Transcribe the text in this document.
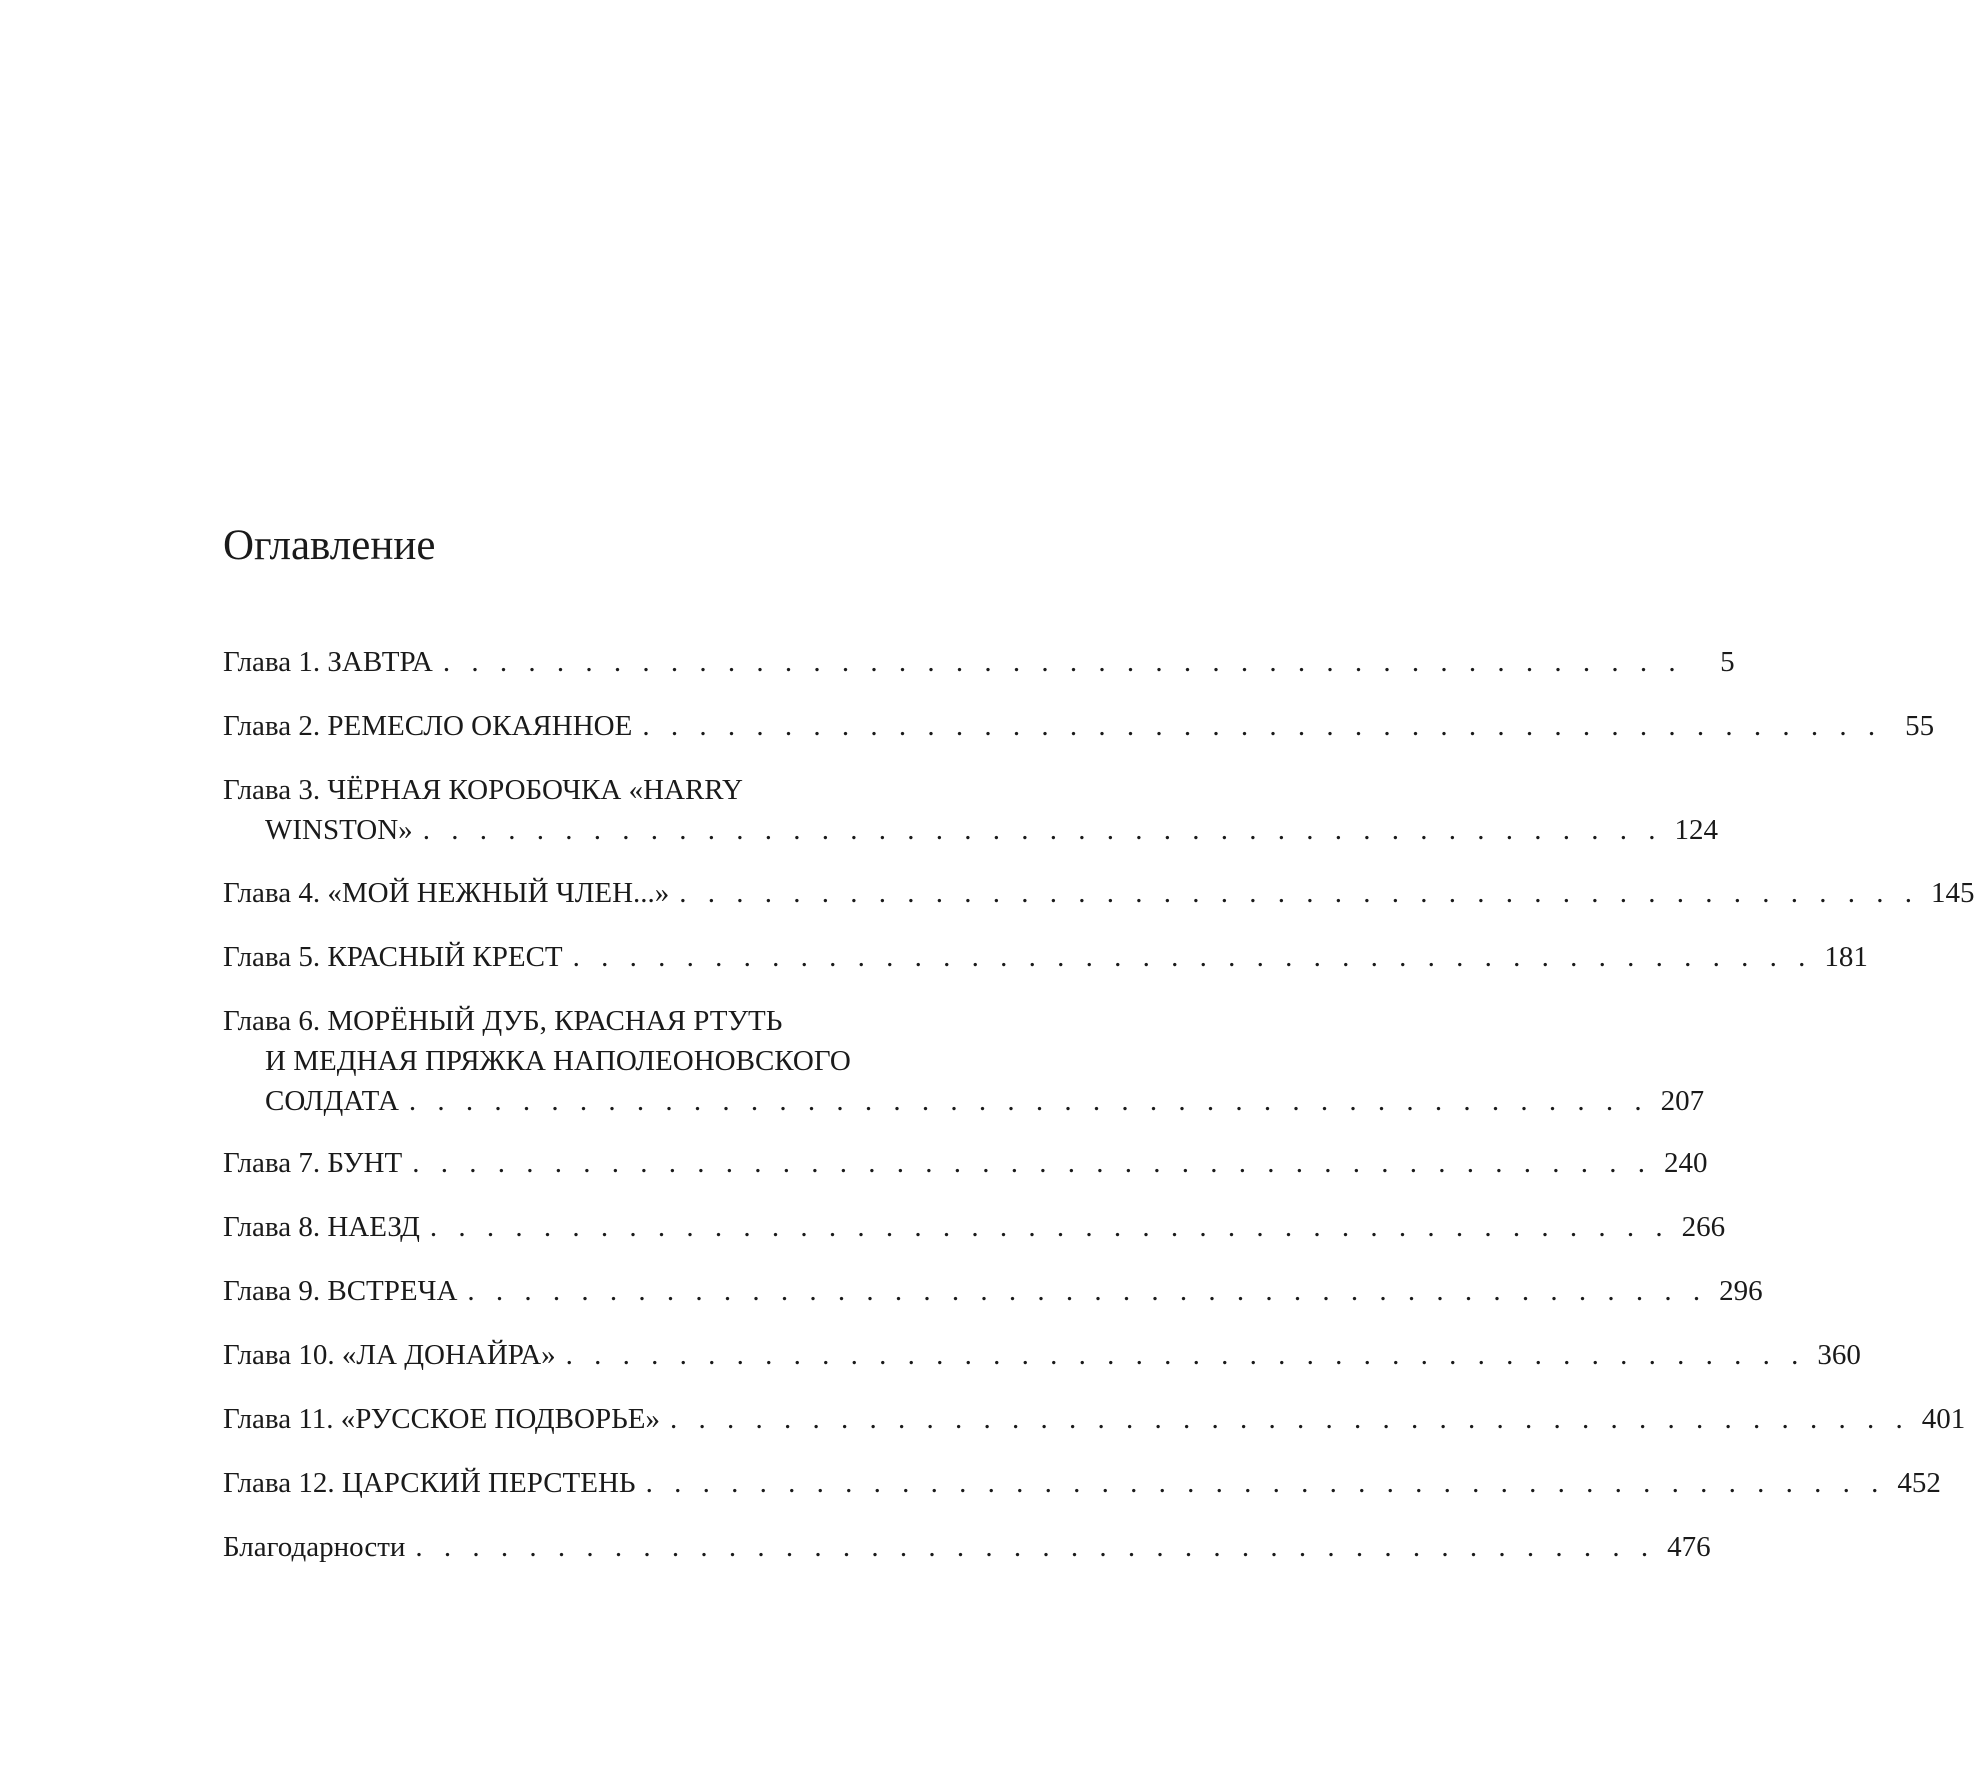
Оглавление
Глава 1. ЗАВТРА . . . . . . . . . . . . . . . . . . . . . . . . . . . . . . . . . . . . . . . . . . . .	5
Глава 2. РЕМЕСЛО ОКАЯННОЕ . . . . . . . . . . . . . . . . . . . . . . . . . . . . . . . . . . . . . . . . . . . . 55
Глава 3. ЧЁРНАЯ КОРОБОЧКА «HARRY
WINSTON» . . . . . . . . . . . . . . . . . . . . . . . . . . . . . . . . . . . . . . . . . . . . 124
Глава 4. «МОЙ НЕЖНЫЙ ЧЛЕН...» . . . . . . . . . . . . . . . . . . . . . . . . . . . . . . . . . . . . . . . . . . . . 145
Глава 5. КРАСНЫЙ КРЕСТ . . . . . . . . . . . . . . . . . . . . . . . . . . . . . . . . . . . . . . . . . . . . 181
Глава 6. МОРЁНЫЙ ДУБ, КРАСНАЯ РТУТЬ
И МЕДНАЯ ПРЯЖКА НАПОЛЕОНОВСКОГО
СОЛДАТА . . . . . . . . . . . . . . . . . . . . . . . . . . . . . . . . . . . . . . . . . . . . 207
Глава 7. БУНТ . . . . . . . . . . . . . . . . . . . . . . . . . . . . . . . . . . . . . . . . . . . . 240
Глава 8. НАЕЗД . . . . . . . . . . . . . . . . . . . . . . . . . . . . . . . . . . . . . . . . . . . . 266
Глава 9. ВСТРЕЧА . . . . . . . . . . . . . . . . . . . . . . . . . . . . . . . . . . . . . . . . . . . . 296
Глава 10. «ЛА ДОНАЙРА» . . . . . . . . . . . . . . . . . . . . . . . . . . . . . . . . . . . . . . . . . . . . 360
Глава 11. «РУССКОЕ ПОДВОРЬЕ» . . . . . . . . . . . . . . . . . . . . . . . . . . . . . . . . . . . . . . . . . . . . 401
Глава 12. ЦАРСКИЙ ПЕРСТЕНЬ . . . . . . . . . . . . . . . . . . . . . . . . . . . . . . . . . . . . . . . . . . . . 452
Благодарности . . . . . . . . . . . . . . . . . . . . . . . . . . . . . . . . . . . . . . . . . . . . 476
